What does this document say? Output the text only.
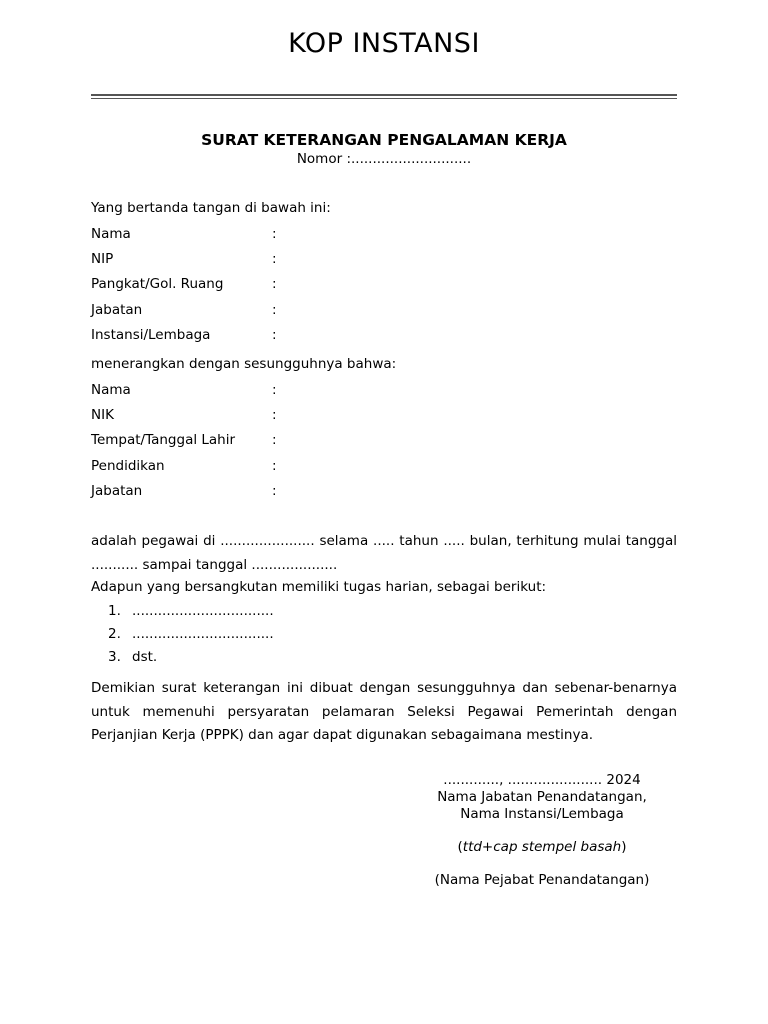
KOP INSTANSI
SURAT KETERANGAN PENGALAMAN KERJA
Nomor :............................
Yang bertanda tangan di bawah ini:
Nama	:
NIP	:
Pangkat/Gol. Ruang	:
Jabatan	:
Instansi/Lembaga	:
menerangkan dengan sesungguhnya bahwa:
Nama	:
NIK	:
Tempat/Tanggal Lahir	:
Pendidikan	:
Jabatan	:
adalah pegawai di ...................... selama ..... tahun ..... bulan, terhitung mulai tanggal ........... sampai tanggal ....................
Adapun yang bersangkutan memiliki tugas harian, sebagai berikut:
1. .................................
2. .................................
3. dst.
Demikian surat keterangan ini dibuat dengan sesungguhnya dan sebenar-benarnya untuk memenuhi persyaratan pelamaran Seleksi Pegawai Pemerintah dengan Perjanjian Kerja (PPPK) dan agar dapat digunakan sebagaimana mestinya.
............., ...................... 2024
Nama Jabatan Penandatangan,
Nama Instansi/Lembaga
(ttd+cap stempel basah)
(Nama Pejabat Penandatangan)
